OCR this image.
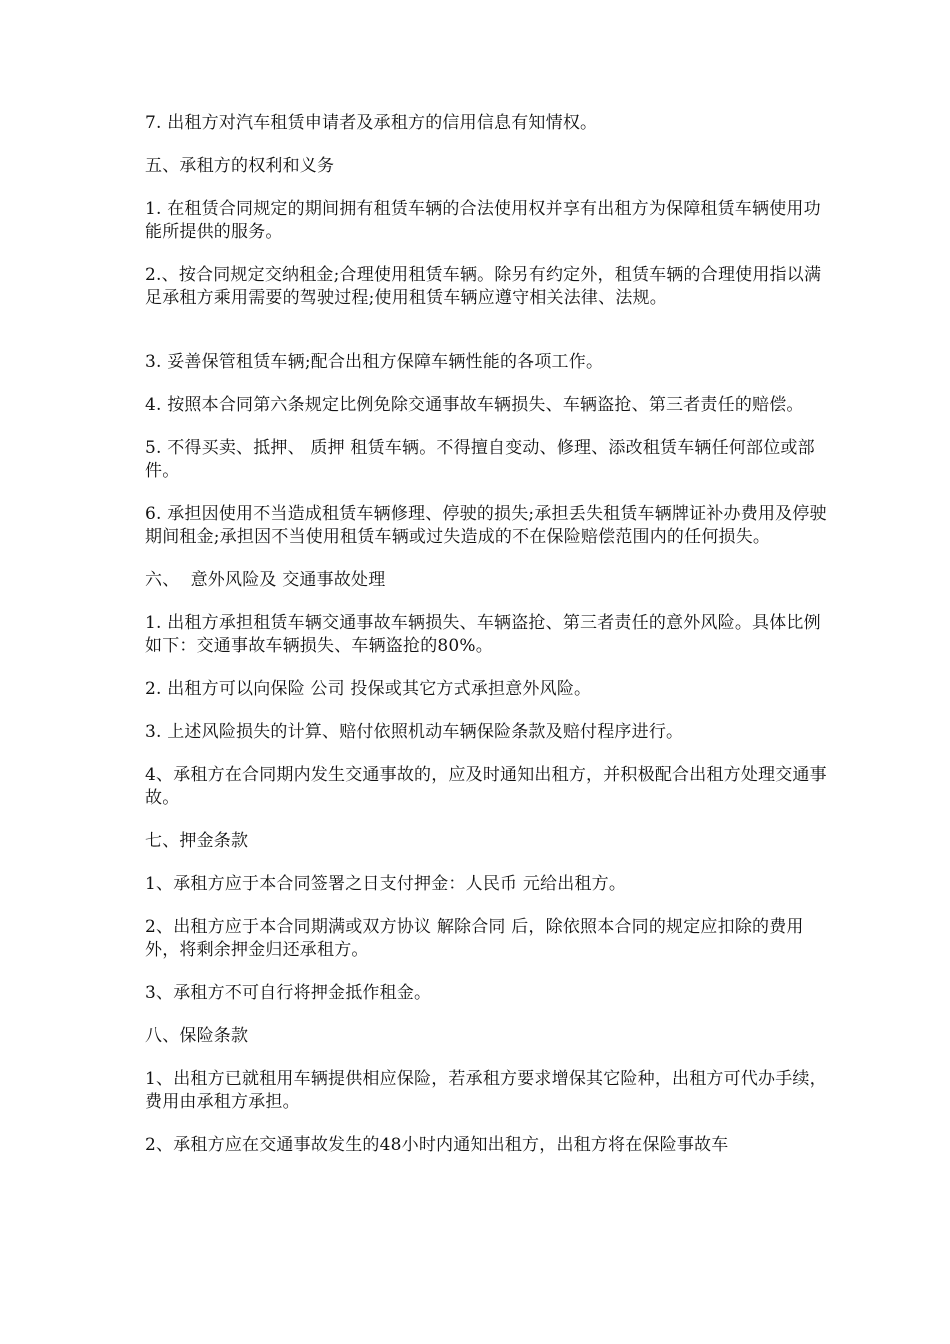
7. 出租方对汽车租赁申请者及承租方的信用信息有知情权。

五、承租方的权利和义务

1. 在租赁合同规定的期间拥有租赁车辆的合法使用权并享有出租方为保障租赁车辆使用功能所提供的服务。

2.、按合同规定交纳租金;合理使用租赁车辆。除另有约定外，租赁车辆的合理使用指以满足承租方乘用需要的驾驶过程;使用租赁车辆应遵守相关法律、法规。

3. 妥善保管租赁车辆;配合出租方保障车辆性能的各项工作。

4. 按照本合同第六条规定比例免除交通事故车辆损失、车辆盗抢、第三者责任的赔偿。

5. 不得买卖、抵押、 质押 租赁车辆。不得擅自变动、修理、添改租赁车辆任何部位或部件。

6. 承担因使用不当造成租赁车辆修理、停驶的损失;承担丢失租赁车辆牌证补办费用及停驶期间租金;承担因不当使用租赁车辆或过失造成的不在保险赔偿范围内的任何损失。

六、  意外风险及 交通事故处理

1. 出租方承担租赁车辆交通事故车辆损失、车辆盗抢、第三者责任的意外风险。具体比例如下：交通事故车辆损失、车辆盗抢的80%。

2. 出租方可以向保险 公司 投保或其它方式承担意外风险。

3. 上述风险损失的计算、赔付依照机动车辆保险条款及赔付程序进行。

4、承租方在合同期内发生交通事故的，应及时通知出租方，并积极配合出租方处理交通事故。

七、押金条款

1、承租方应于本合同签署之日支付押金：人民币 元给出租方。

2、出租方应于本合同期满或双方协议 解除合同 后，除依照本合同的规定应扣除的费用外，将剩余押金归还承租方。

3、承租方不可自行将押金抵作租金。

八、保险条款

1、出租方已就租用车辆提供相应保险，若承租方要求增保其它险种，出租方可代办手续，费用由承租方承担。

2、承租方应在交通事故发生的48小时内通知出租方，出租方将在保险事故车
